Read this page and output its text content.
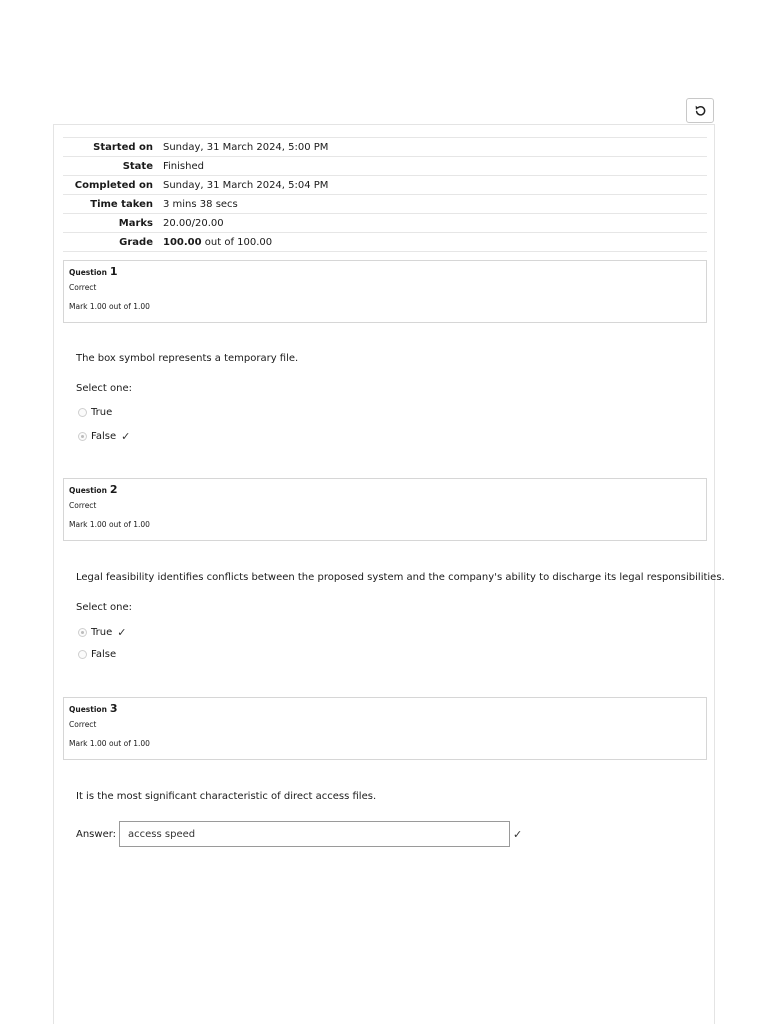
Started on	Sunday, 31 March 2024, 5:00 PM
State	Finished
Completed on	Sunday, 31 March 2024, 5:04 PM
Time taken	3 mins 38 secs
Marks	20.00/20.00
Grade	100.00 out of 100.00
Question 1
Correct
Mark 1.00 out of 1.00
The box symbol represents a temporary file.
Select one:
True
False ✓
Question 2
Correct
Mark 1.00 out of 1.00
Legal feasibility identifies conflicts between the proposed system and the company's ability to discharge its legal responsibilities.
Select one:
True ✓
False
Question 3
Correct
Mark 1.00 out of 1.00
It is the most significant characteristic of direct access files.
Answer:
access speed	✓
